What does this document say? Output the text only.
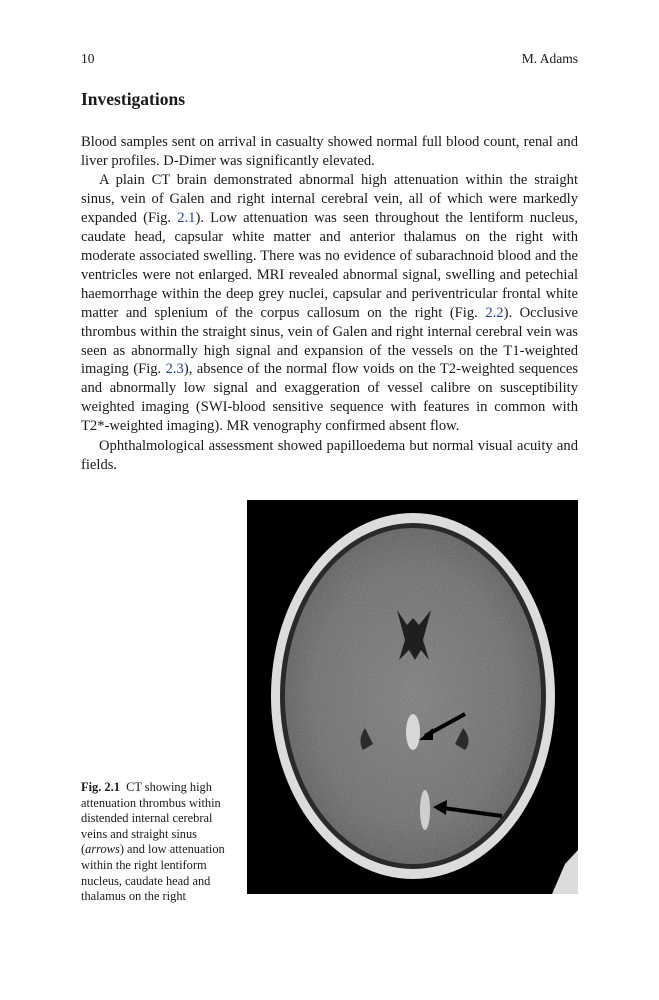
10	M. Adams
Investigations

Blood samples sent on arrival in casualty showed normal full blood count, renal and liver profiles. D-Dimer was significantly elevated.

A plain CT brain demonstrated abnormal high attenuation within the straight sinus, vein of Galen and right internal cerebral vein, all of which were markedly expanded (Fig. 2.1). Low attenuation was seen throughout the lentiform nucleus, caudate head, capsular white matter and anterior thalamus on the right with moderate associated swelling. There was no evidence of subarachnoid blood and the ventricles were not enlarged. MRI revealed abnormal signal, swelling and petechial haemorrhage within the deep grey nuclei, capsular and periventricular frontal white matter and splenium of the corpus callosum on the right (Fig. 2.2). Occlusive thrombus within the straight sinus, vein of Galen and right internal cerebral vein was seen as abnormally high signal and expansion of the vessels on the T1-weighted imaging (Fig. 2.3), absence of the normal flow voids on the T2-weighted sequences and abnormally low signal and exaggeration of vessel calibre on susceptibility weighted imaging (SWI-blood sensitive sequence with features in common with T2*-weighted imaging). MR venography confirmed absent flow.

Ophthalmological assessment showed papilloedema but normal visual acuity and fields.

Fig. 2.1 CT showing high attenuation thrombus within distended internal cerebral veins and straight sinus (arrows) and low attenuation within the right lentiform nucleus, caudate head and thalamus on the right
